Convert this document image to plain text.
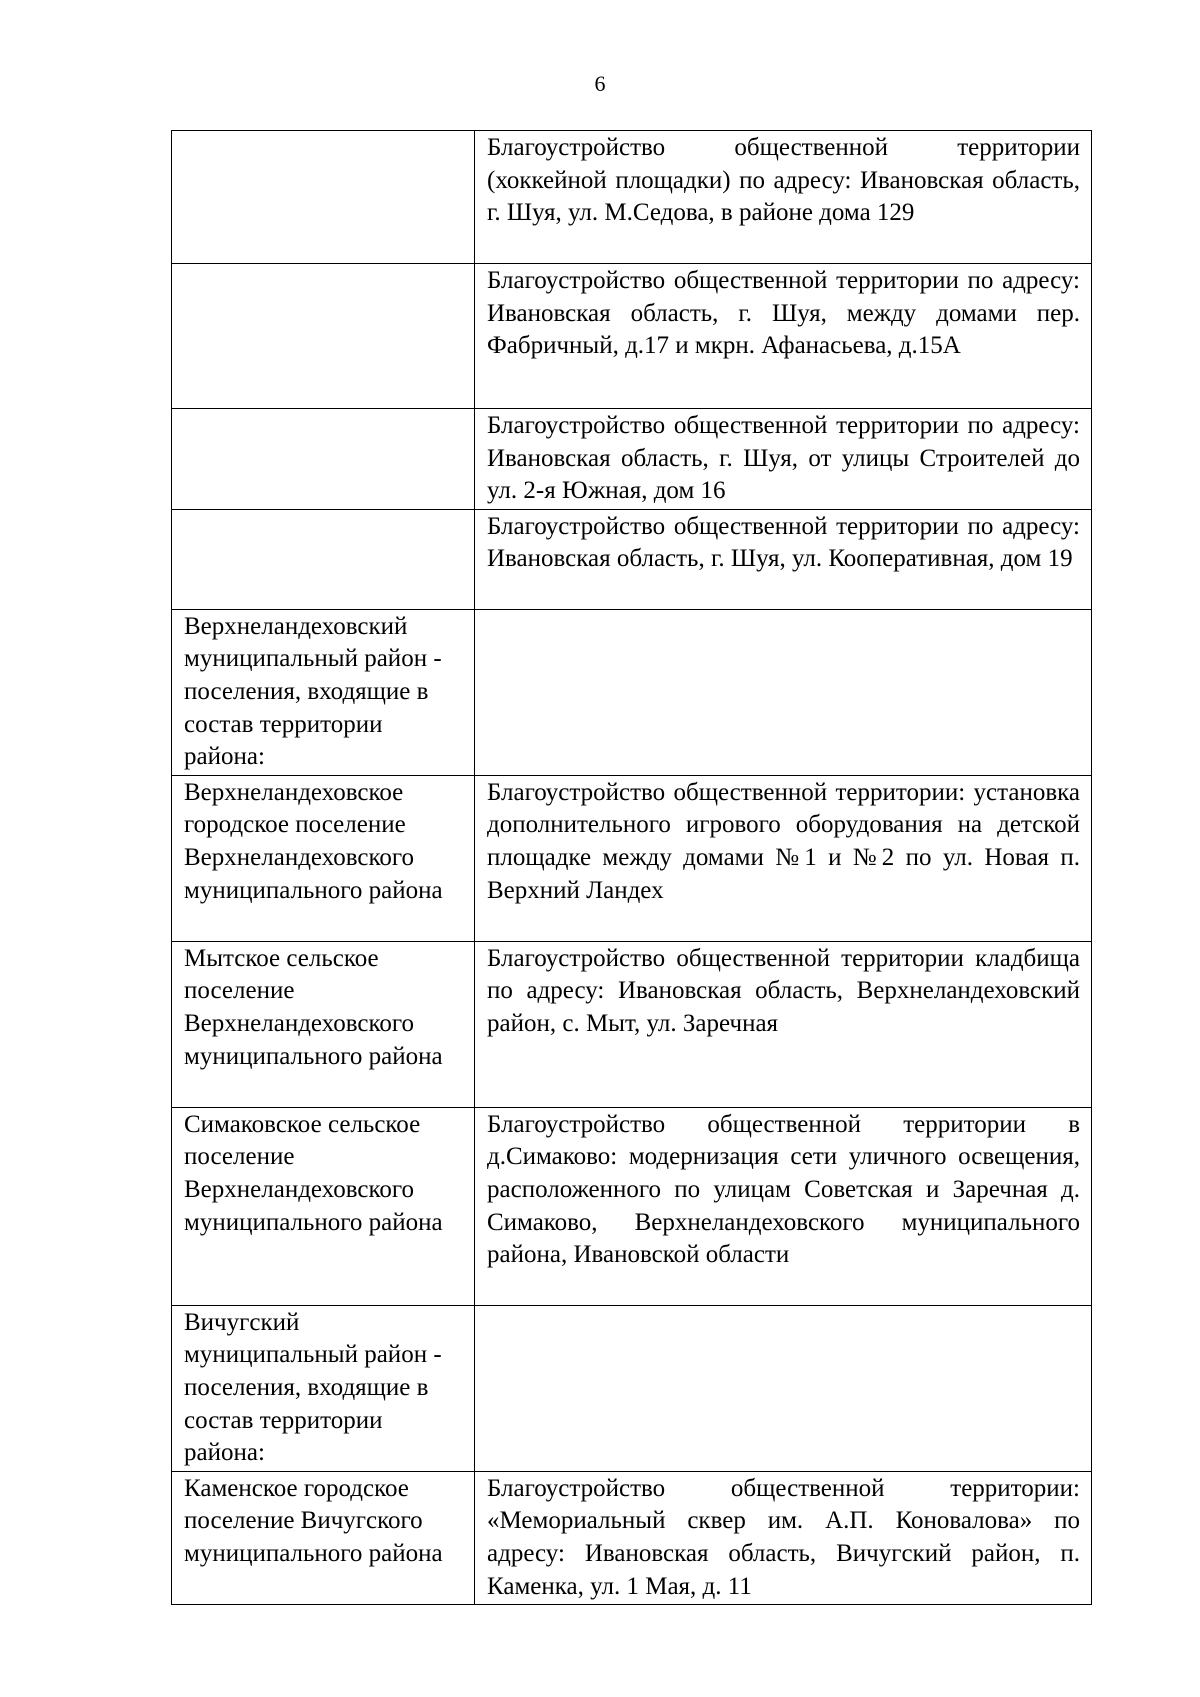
6
	Благоустройство общественной территории (хоккейной площадки) по адресу: Ивановская область, г. Шуя, ул. М.Седова, в районе дома 129
	Благоустройство общественной территории по адресу: Ивановская область, г. Шуя, между домами пер. Фабричный, д.17 и мкрн. Афанасьева, д.15А
	Благоустройство общественной территории по адресу: Ивановская область, г. Шуя, от улицы Строителей до ул. 2-я Южная, дом 16
	Благоустройство общественной территории по адресу: Ивановская область, г. Шуя, ул. Кооперативная, дом 19
Верхнеландеховский муниципальный район - поселения, входящие в состав территории района:	
Верхнеландеховское городское поселение Верхнеландеховского муниципального района	Благоустройство общественной территории: установка дополнительного игрового оборудования на детской площадке между домами №1 и №2 по ул. Новая п. Верхний Ландех
Мытское сельское поселение Верхнеландеховского муниципального района	Благоустройство общественной территории кладбища по адресу: Ивановская область, Верхнеландеховский район, с. Мыт, ул. Заречная
Симаковское сельское поселение Верхнеландеховского муниципального района	Благоустройство общественной территории в д.Симаково: модернизация сети уличного освещения, расположенного по улицам Советская и Заречная д. Симаково, Верхнеландеховского муниципального района, Ивановской области
Вичугский муниципальный район - поселения, входящие в состав территории района:	
Каменское городское поселение Вичугского муниципального района	Благоустройство общественной территории: «Мемориальный сквер им. А.П. Коновалова» по адресу: Ивановская область, Вичугский район, п. Каменка, ул. 1 Мая, д. 11
